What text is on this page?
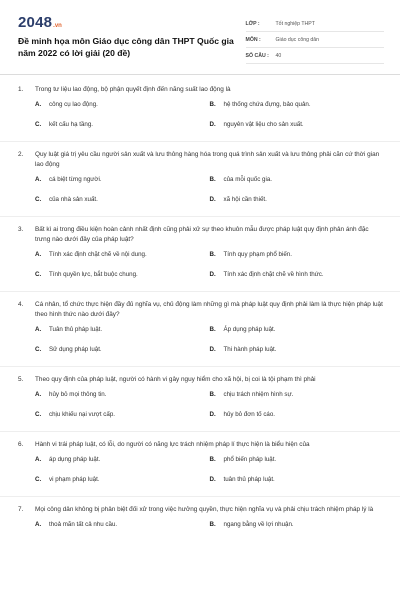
2048 .vn
Đề minh họa môn Giáo dục công dân THPT Quốc gia năm 2022 có lời giải (20 đề)
LỚP :	Tốt nghiệp THPT
MÔN :	Giáo dục công dân
SỐ CÂU :	40
1.	Trong tư liệu lao động, bộ phận quyết định đến năng suất lao động là
A.	công cụ lao động.	B.	hệ thống chứa đựng, bảo quản.
C.	kết cấu hạ tầng.	D.	nguyên vật liệu cho sản xuất.
2.	Quy luật giá trị yêu cầu người sản xuất và lưu thông hàng hóa trong quá trình sản xuất và lưu thông phải căn cứ thời gian lao động
A.	cá biệt từng người.	B.	của mỗi quốc gia.
C.	của nhà sản xuất.	D.	xã hội cần thiết.
3.	Bất kì ai trong điều kiện hoàn cảnh nhất định cũng phải xử sự theo khuôn mẫu được pháp luật quy định phản ánh đặc trưng nào dưới đây của pháp luật?
A.	Tính xác định chặt chẽ về nội dung.	B.	Tính quy phạm phổ biến.
C.	Tính quyền lực, bắt buộc chung.	D.	Tính xác định chặt chẽ về hình thức.
4.	Cá nhân, tổ chức thực hiện đầy đủ nghĩa vụ, chủ động làm những gì mà pháp luật quy định phải làm là thực hiện pháp luật theo hình thức nào dưới đây?
A.	Tuân thủ pháp luật.	B.	Áp dụng pháp luật.
C.	Sử dụng pháp luật.	D.	Thi hành pháp luật.
5.	Theo quy định của pháp luật, người có hành vi gây nguy hiểm cho xã hội, bị coi là tội phạm thì phải
A.	hủy bỏ mọi thông tin.	B.	chịu trách nhiệm hình sự.
C.	chịu khiếu nại vượt cấp.	D.	hủy bỏ đơn tố cáo.
6.	Hành vi trái pháp luật, có lỗi, do người có năng lực trách nhiệm pháp lí thực hiện là biểu hiện của
A.	áp dụng pháp luật.	B.	phổ biến pháp luật.
C.	vi phạm pháp luật.	D.	tuân thủ pháp luật.
7.	Mọi công dân không bị phân biệt đối xử trong việc hưởng quyền, thực hiện nghĩa vụ và phải chịu trách nhiệm pháp lý là
A.	thoả mãn tất cả nhu cầu.	B.	ngang bằng về lợi nhuận.
